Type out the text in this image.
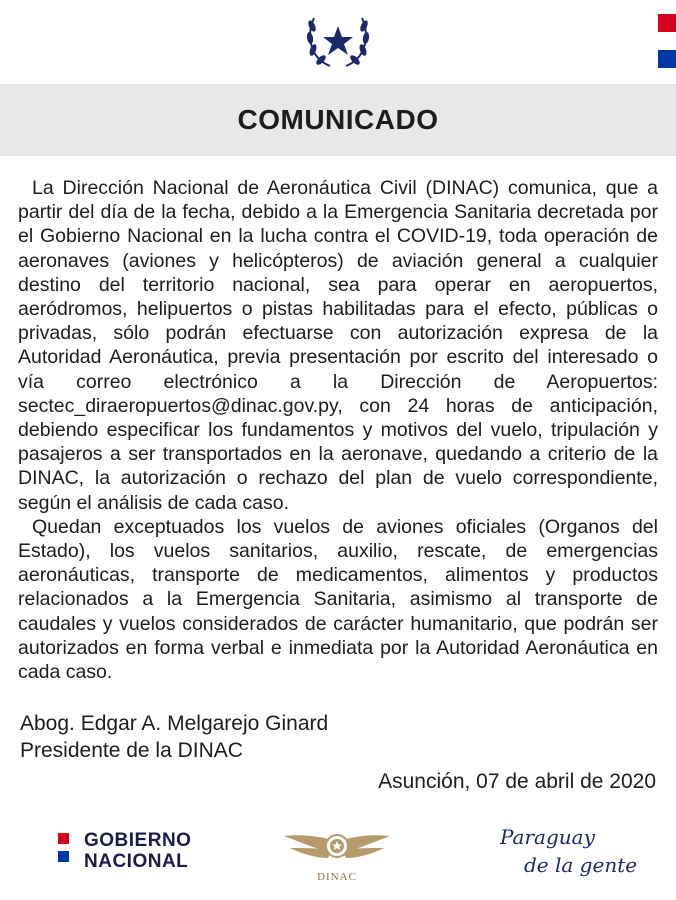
COMUNICADO

La Dirección Nacional de Aeronáutica Civil (DINAC) comunica, que a partir del día de la fecha, debido a la Emergencia Sanitaria decretada por el Gobierno Nacional en la lucha contra el COVID-19, toda operación de aeronaves (aviones y helicópteros) de aviación general a cualquier destino del territorio nacional, sea para operar en aeropuertos, aeródromos, helipuertos o pistas habilitadas para el efecto, públicas o privadas, sólo podrán efectuarse con autorización expresa de la Autoridad Aeronáutica, previa presentación por escrito del interesado o vía correo electrónico a la Dirección de Aeropuertos: sectec_diraeropuertos@dinac.gov.py, con 24 horas de anticipación, debiendo especificar los fundamentos y motivos del vuelo, tripulación y pasajeros a ser transportados en la aeronave, quedando a criterio de la DINAC, la autorización o rechazo del plan de vuelo correspondiente, según el análisis de cada caso.

Quedan exceptuados los vuelos de aviones oficiales (Organos del Estado), los vuelos sanitarios, auxilio, rescate, de emergencias aeronáuticas, transporte de medicamentos, alimentos y productos relacionados a la Emergencia Sanitaria, asimismo al transporte de caudales y vuelos considerados de carácter humanitario, que podrán ser autorizados en forma verbal e inmediata por la Autoridad Aeronáutica en cada caso.

Abog. Edgar A. Melgarejo Ginard
Presidente de la DINAC
Asunción, 07 de abril de 2020
GOBIERNO
NACIONAL
DINAC
Paraguay
de la gente
